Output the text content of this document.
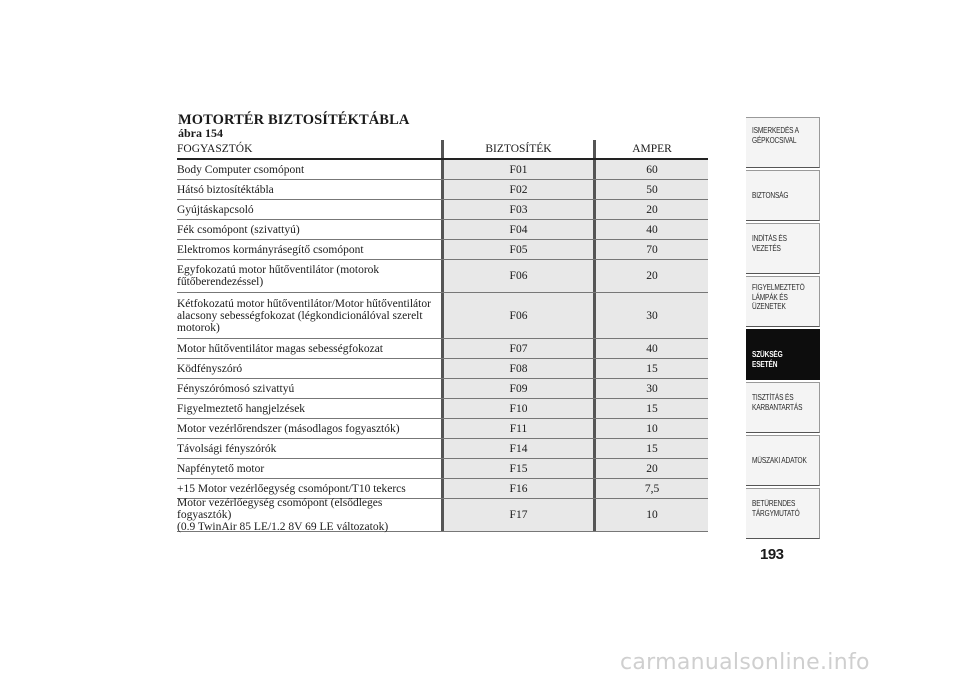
MOTORTÉR BIZTOSÍTÉKTÁBLA
ábra 154
FOGYASZTÓK	BIZTOSÍTÉK	AMPER
Body Computer csomópont	F01	60
Hátsó biztosítéktábla	F02	50
Gyújtáskapcsoló	F03	20
Fék csomópont (szivattyú)	F04	40
Elektromos kormányrásegítő csomópont	F05	70
Egyfokozatú motor hűtőventilátor (motorok
fűtőberendezéssel)	F06	20
Kétfokozatú motor hűtőventilátor/Motor hűtőventilátor
alacsony sebességfokozat (légkondicionálóval szerelt
motorok)
F06	30
Motor hűtőventilátor magas sebességfokozat	F07	40
Ködfényszóró	F08	15
Fényszórómosó szivattyú	F09	30
Figyelmeztető hangjelzések	F10	15
Motor vezérlőrendszer (másodlagos fogyasztók)	F11	10
Távolsági fényszórók	F14	15
Napfénytető motor	F15	20
+15 Motor vezérlőegység csomópont/T10 tekercs	F16	7,5
Motor vezérlőegység csomópont (elsődleges fogyasztók)
(0.9 TwinAir 85 LE/1.2 8V 69 LE változatok)
F17	10
ISMERKEDÉS A
GÉPKOCSIVAL
BIZTONSÁG
INDÍTÁS ÉS
VEZETÉS
FIGYELMEZTETŐ
LÁMPÁK ÉS
ÜZENETEK
SZÜKSÉG ESETÉN
TISZTÍTÁS ÉS
KARBANTARTÁS
MŰSZAKI ADATOK
BETŰRENDES
TÁRGYMUTATÓ
193
carmanualsonline.info
